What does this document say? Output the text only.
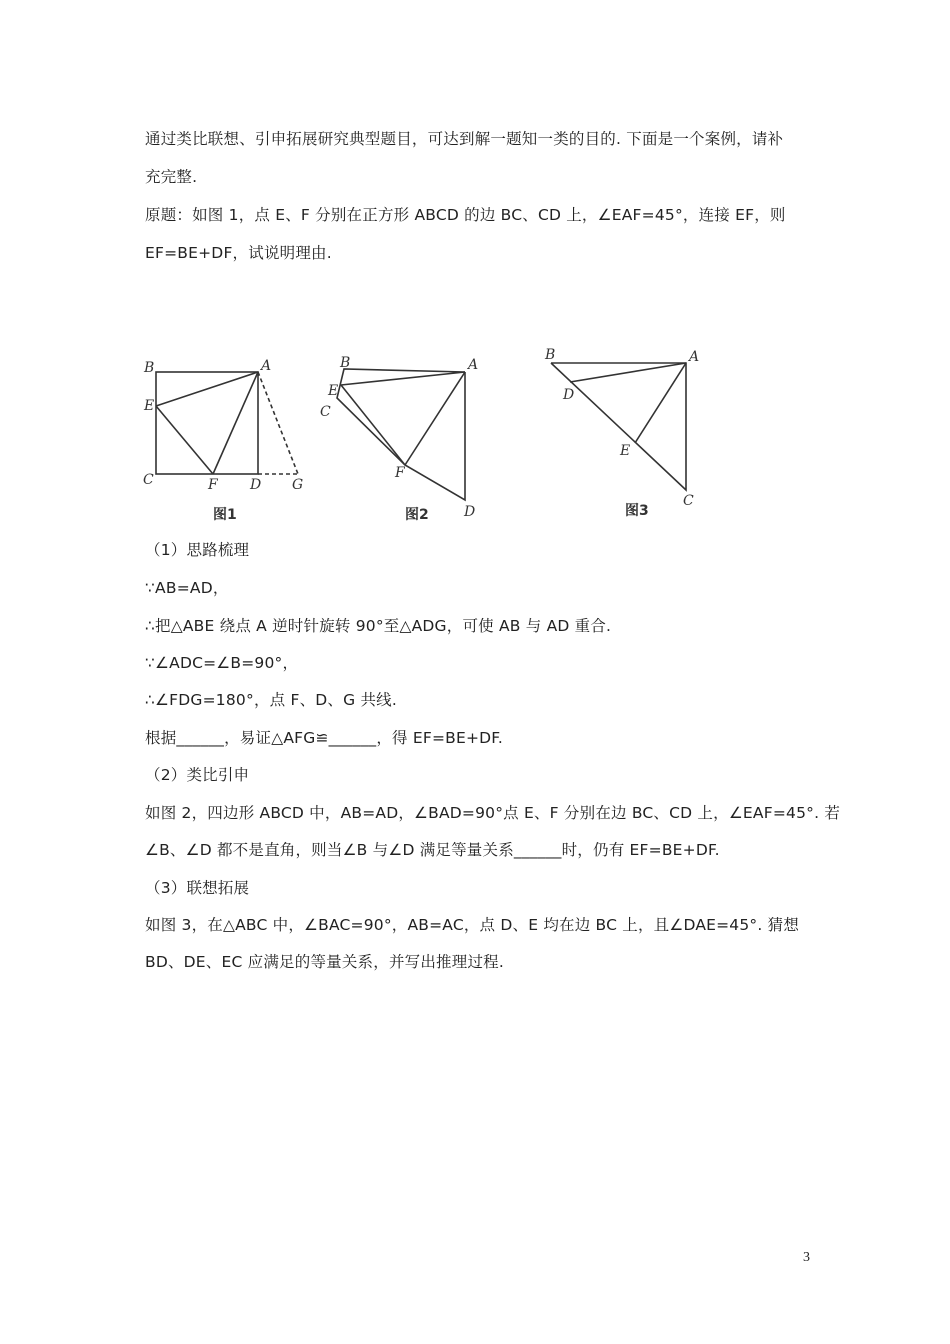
通过类比联想、引申拓展研究典型题目，可达到解一题知一类的目的. 下面是一个案例，请补
充完整.
原题：如图 1，点 E、F 分别在正方形 ABCD 的边 BC、CD 上，∠EAF=45°，连接 EF，则
EF=BE+DF，试说明理由.
B	A
E
C	F D G
图1
B	A
E
C
F
D
图2
B	A
D
E
C
图3
（1）思路梳理
∵AB=AD，
∴把△ABE 绕点 A 逆时针旋转 90°至△ADG，可使 AB 与 AD 重合.
∵∠ADC=∠B=90°，
∴∠FDG=180°，点 F、D、G 共线.
根据______，易证△AFG≌______，得 EF=BE+DF.
（2）类比引申
如图 2，四边形 ABCD 中，AB=AD，∠BAD=90°点 E、F 分别在边 BC、CD 上，∠EAF=45°. 若
∠B、∠D 都不是直角，则当∠B 与∠D 满足等量关系______时，仍有 EF=BE+DF.
（3）联想拓展
如图 3，在△ABC 中，∠BAC=90°，AB=AC，点 D、E 均在边 BC 上，且∠DAE=45°. 猜想
BD、DE、EC 应满足的等量关系，并写出推理过程.
3
